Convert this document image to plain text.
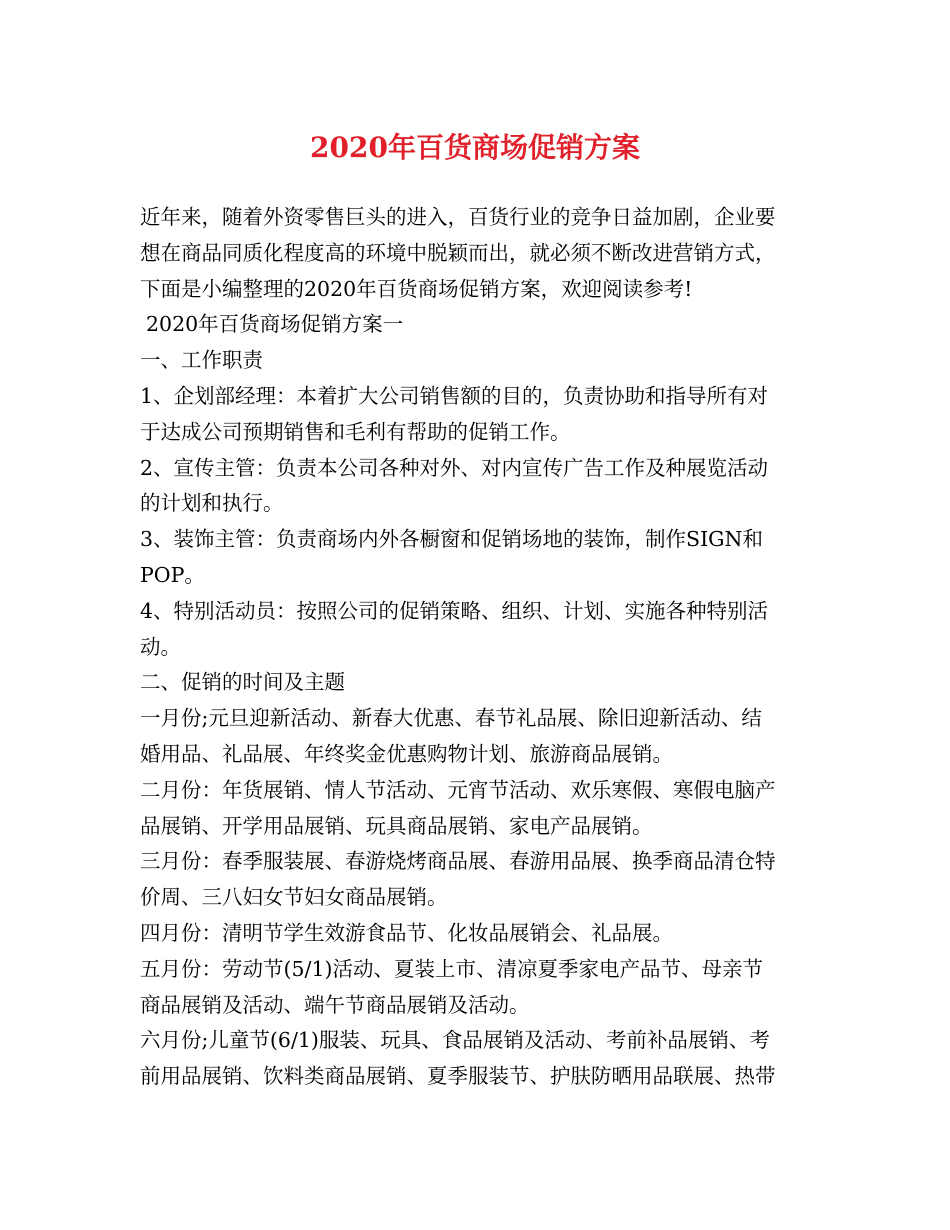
2020年百货商场促销方案
近年来，随着外资零售巨头的进入，百货行业的竞争日益加剧，企业要
想在商品同质化程度高的环境中脱颖而出，就必须不断改进营销方式，
下面是小编整理的2020年百货商场促销方案，欢迎阅读参考!
2020年百货商场促销方案一
一、工作职责
1、企划部经理：本着扩大公司销售额的目的，负责协助和指导所有对
于达成公司预期销售和毛利有帮助的促销工作。
2、宣传主管：负责本公司各种对外、对内宣传广告工作及种展览活动
的计划和执行。
3、装饰主管：负责商场内外各橱窗和促销场地的装饰，制作SIGN和
POP。
4、特别活动员：按照公司的促销策略、组织、计划、实施各种特别活
动。
二、促销的时间及主题
一月份;元旦迎新活动、新春大优惠、春节礼品展、除旧迎新活动、结
婚用品、礼品展、年终奖金优惠购物计划、旅游商品展销。
二月份：年货展销、情人节活动、元宵节活动、欢乐寒假、寒假电脑产
品展销、开学用品展销、玩具商品展销、家电产品展销。
三月份：春季服装展、春游烧烤商品展、春游用品展、换季商品清仓特
价周、三八妇女节妇女商品展销。
四月份：清明节学生效游食品节、化妆品展销会、礼品展。
五月份：劳动节(5/1)活动、夏装上市、清凉夏季家电产品节、母亲节
商品展销及活动、端午节商品展销及活动。
六月份;儿童节(6/1)服装、玩具、食品展销及活动、考前补品展销、考
前用品展销、饮料类商品展销、夏季服装节、护肤防晒用品联展、热带
